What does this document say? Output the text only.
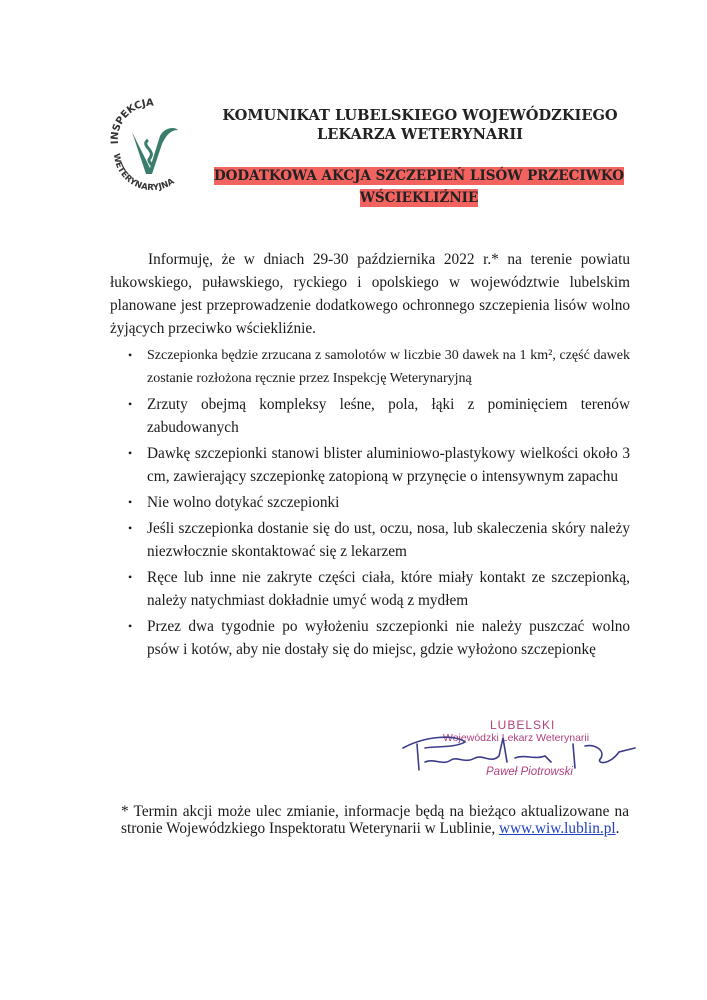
INSPEKCJA
WETERYNARYJNA
KOMUNIKAT LUBELSKIEGO WOJEWÓDZKIEGO
LEKARZA WETERYNARII
DODATKOWA AKCJA SZCZEPIEŃ LISÓW PRZECIWKO
WŚCIEKLIŹNIE

Informuję, że w dniach 29-30 października 2022 r.* na terenie powiatu łukowskiego, puławskiego, ryckiego i opolskiego w województwie lubelskim planowane jest przeprowadzenie dodatkowego ochronnego szczepienia lisów wolno żyjących przeciwko wściekliźnie.

• Szczepionka będzie zrzucana z samolotów w liczbie 30 dawek na 1 km², część dawek zostanie rozłożona ręcznie przez Inspekcję Weterynaryjną
• Zrzuty obejmą kompleksy leśne, pola, łąki z pominięciem terenów zabudowanych
• Dawkę szczepionki stanowi blister aluminiowo-plastykowy wielkości około 3 cm, zawierający szczepionkę zatopioną w przynęcie o intensywnym zapachu
• Nie wolno dotykać szczepionki
• Jeśli szczepionka dostanie się do ust, oczu, nosa, lub skaleczenia skóry należy niezwłocznie skontaktować się z lekarzem
• Ręce lub inne nie zakryte części ciała, które miały kontakt ze szczepionką, należy natychmiast dokładnie umyć wodą z mydłem
• Przez dwa tygodnie po wyłożeniu szczepionki nie należy puszczać wolno psów i kotów, aby nie dostały się do miejsc, gdzie wyłożono szczepionkę
LUBELSKI
Wojewódzki Lekarz Weterynarii
Paweł Piotrowski
* Termin akcji może ulec zmianie, informacje będą na bieżąco aktualizowane na stronie Wojewódzkiego Inspektoratu Weterynarii w Lublinie, www.wiw.lublin.pl.
